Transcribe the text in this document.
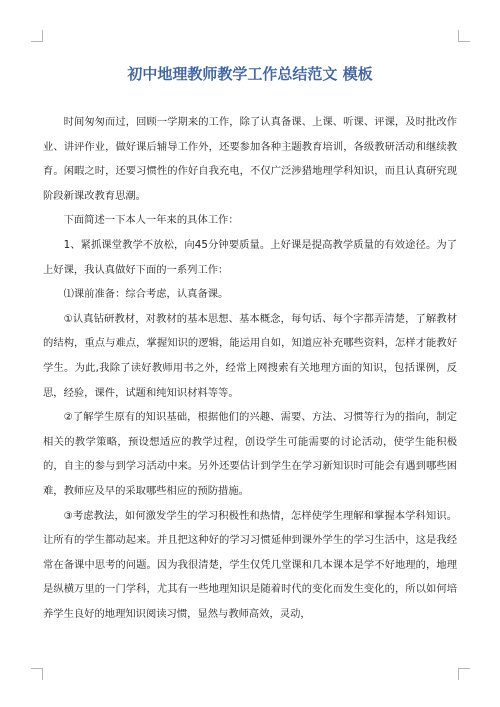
初中地理教师教学工作总结范文 模板

时间匆匆而过，回顾一学期来的工作，除了认真备课、上课、听课、评课，及时批改作业、讲评作业，做好课后辅导工作外，还要参加各种主题教育培训，各级教研活动和继续教育。闲暇之时，还要习惯性的作好自我充电，不仅广泛涉猎地理学科知识，而且认真研究现阶段新课改教育思潮。

下面简述一下本人一年来的具体工作：

1、紧抓课堂教学不放松，向45分钟要质量。上好课是提高教学质量的有效途径。为了上好课，我认真做好下面的一系列工作：

⑴课前准备：综合考虑，认真备课。

①认真钻研教材，对教材的基本思想、基本概念，每句话、每个字都弄清楚，了解教材的结构，重点与难点，掌握知识的逻辑，能运用自如，知道应补充哪些资料，怎样才能教好学生。为此,我除了读好教师用书之外，经常上网搜索有关地理方面的知识，包括课例，反思，经验，课件，试题和纯知识材料等等。

②了解学生原有的知识基础，根据他们的兴趣、需要、方法、习惯等行为的指向，制定相关的教学策略，预设想适应的教学过程，创设学生可能需要的讨论活动，使学生能积极的，自主的参与到学习活动中来。另外还要估计到学生在学习新知识时可能会有遇到哪些困难，教师应及早的采取哪些相应的预防措施。

③考虑教法，如何激发学生的学习积极性和热情，怎样使学生理解和掌握本学科知识。让所有的学生都动起来。并且把这种好的学习习惯延伸到课外学生的学习生活中，这是我经常在备课中思考的问题。因为我很清楚，学生仅凭几堂课和几本课本是学不好地理的，地理是纵横万里的一门学科，尤其有一些地理知识是随着时代的变化而发生变化的，所以如何培养学生良好的地理知识阅读习惯，显然与教师高效，灵动，
